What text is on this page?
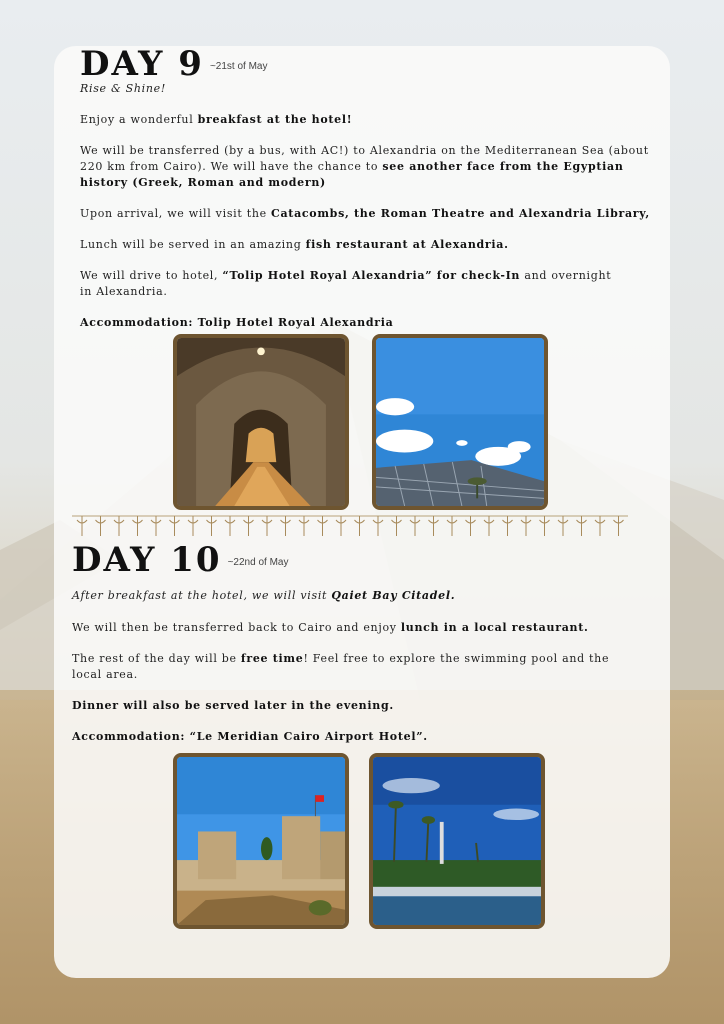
DAY 9 ~21st of May
Rise & Shine!
Enjoy a wonderful breakfast at the hotel!
We will be transferred (by a bus, with AC!) to Alexandria on the Mediterranean Sea (about 220 km from Cairo). We will have the chance to see another face from the Egyptian history (Greek, Roman and modern)
Upon arrival, we will visit the Catacombs, the Roman Theatre and Alexandria Library,
Lunch will be served in an amazing fish restaurant at Alexandria.
We will drive to hotel, “Tolip Hotel Royal Alexandria” for check-In and overnight in Alexandria.
Accommodation: Tolip Hotel Royal Alexandria
DAY 10 ~22nd of May
After breakfast at the hotel, we will visit Qaiet Bay Citadel.
We will then be transferred back to Cairo and enjoy lunch in a local restaurant.
The rest of the day will be free time! Feel free to explore the swimming pool and the local area.
Dinner will also be served later in the evening.
Accommodation: “Le Meridian Cairo Airport Hotel”.
